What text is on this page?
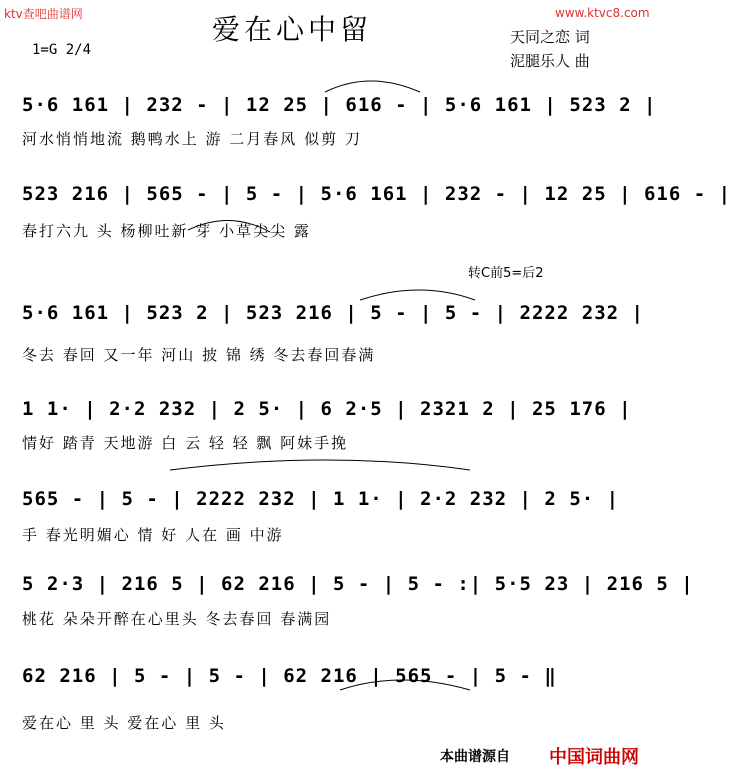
ktv查吧曲谱网	www.ktvc8.com
爱在心中留	天同之恋 词
泥腿乐人 曲
1=G 2/4
转C前5=后2
5·6 161 | 232 - | 12 25 | 616 - | 5·6 161 | 523 2 |
河水悄悄地流 鹅鸭水上 游 二月春风 似剪 刀
523 216 | 565 - | 5 - | 5·6 161 | 232 - | 12 25 | 616 - |
春打六九 头 杨柳吐新 芽 小草尖尖 露
5·6 161 | 523 2 | 523 216 | 5 - | 5 - | 2222 232 |
冬去 春回 又一年 河山 披 锦 绣 冬去春回春满
1 1· | 2·2 232 | 2 5· | 6 2·5 | 2321 2 | 25 176 |
情好 踏青 天地游 白 云 轻 轻 飘 阿妹手挽
565 - | 5 - | 2222 232 | 1 1· | 2·2 232 | 2 5· |
手 春光明媚心 情 好 人在 画 中游
5 2·3 | 216 5 | 62 216 | 5 - | 5 - :| 5·5 23 | 216 5 |
桃花 朵朵开醉在心里头 冬去春回 春满园
62 216 | 5 - | 5 - | 62 216 | 565 - | 5 - ‖
爱在心 里 头 爱在心 里 头
本曲谱源自 中国词曲网
